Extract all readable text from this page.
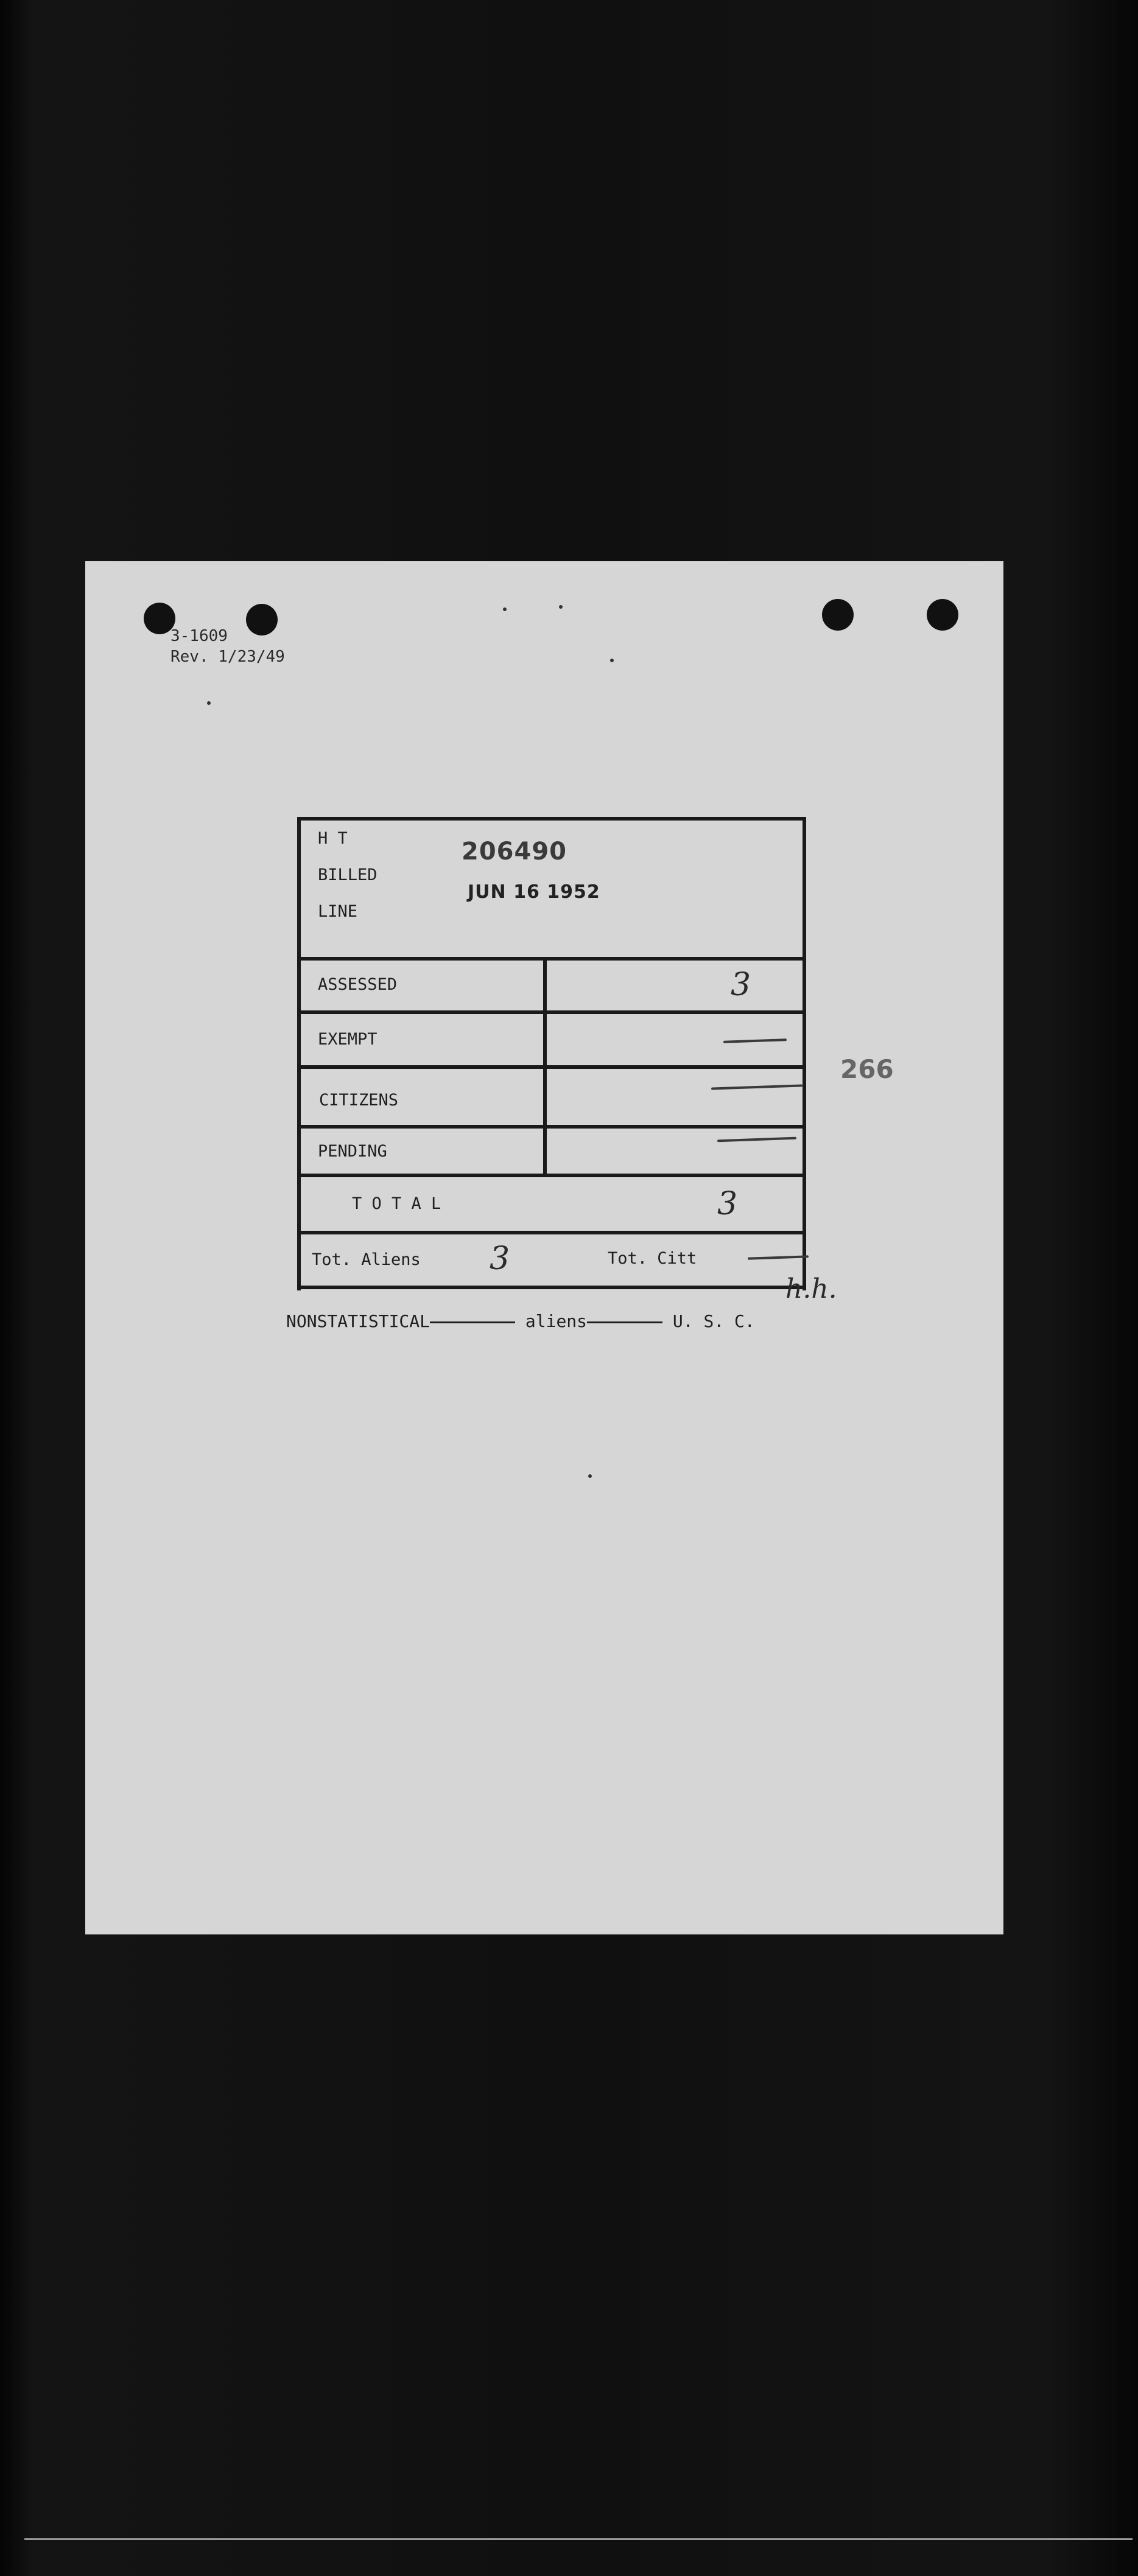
3-1609
Rev. 1/23/49
H T
BILLED
LINE
206490
JUN 16 1952
ASSESSED	3
EXEMPT
CITIZENS
PENDING
T O T A L	3
Tot. Aliens 3	Tot. Citt
266
NONSTATISTICAL	aliens	U. S. C.
h.h.
